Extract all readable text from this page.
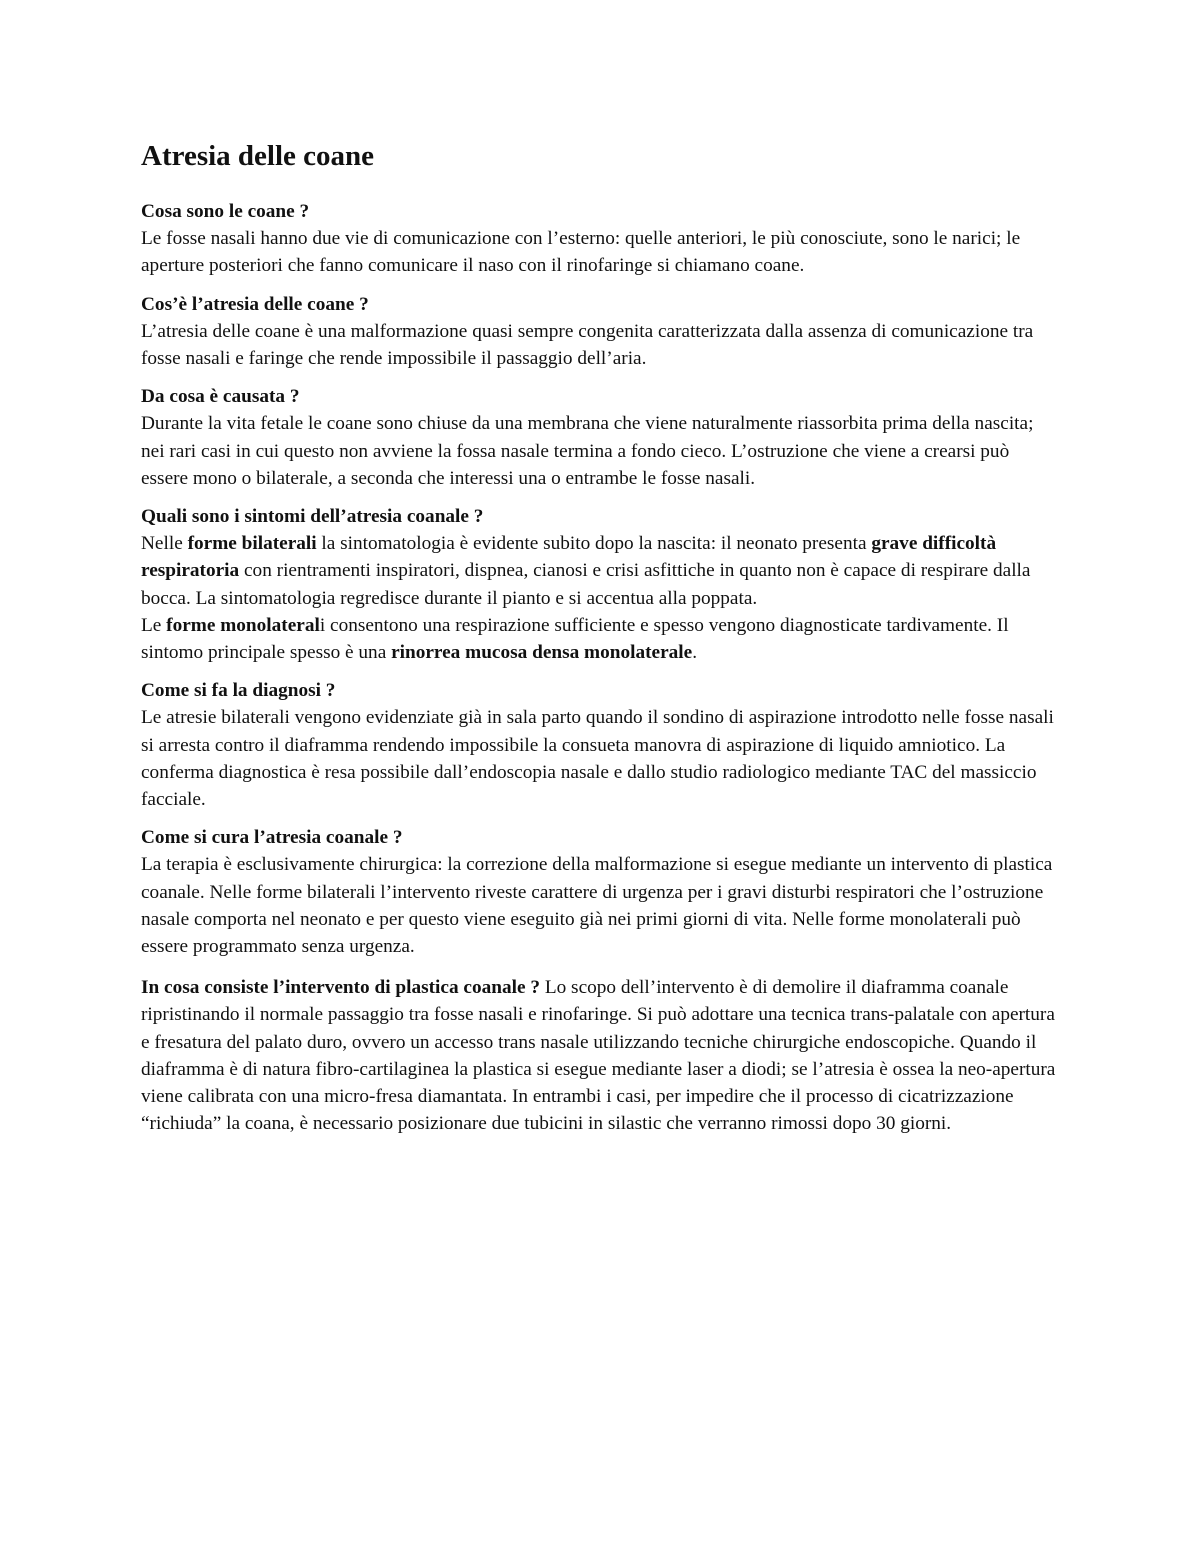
Atresia delle coane
Cosa sono le coane ?

Le fosse nasali hanno due vie di comunicazione con l’esterno: quelle anteriori, le più conosciute, sono le narici; le aperture posteriori che fanno comunicare il naso con il rinofaringe si chiamano coane.

Cos’è l’atresia delle coane ?

L’atresia delle coane è una malformazione quasi sempre congenita caratterizzata dalla assenza di comunicazione tra fosse nasali e faringe che rende impossibile il passaggio dell’aria.

Da cosa è causata ?

Durante la vita fetale le coane sono chiuse da una membrana che viene naturalmente riassorbita prima della nascita; nei rari casi in cui questo non avviene la fossa nasale termina a fondo cieco. L’ostruzione che viene a crearsi può essere mono o bilaterale, a seconda che interessi una o entrambe le fosse nasali.

Quali sono i sintomi dell’atresia coanale ?

Nelle forme bilaterali la sintomatologia è evidente subito dopo la nascita: il neonato presenta grave difficoltà respiratoria con rientramenti inspiratori, dispnea, cianosi e crisi asfittiche in quanto non è capace di respirare dalla bocca. La sintomatologia regredisce durante il pianto e si accentua alla poppata.

Le forme monolaterali consentono una respirazione sufficiente e spesso vengono diagnosticate tardivamente. Il sintomo principale spesso è una rinorrea mucosa densa monolaterale.

Come si fa la diagnosi ?

Le atresie bilaterali vengono evidenziate già in sala parto quando il sondino di aspirazione introdotto nelle fosse nasali si arresta contro il diaframma rendendo impossibile la consueta manovra di aspirazione di liquido amniotico. La conferma diagnostica è resa possibile dall’endoscopia nasale e dallo studio radiologico mediante TAC del massiccio facciale.

Come si cura l’atresia coanale ?

La terapia è esclusivamente chirurgica: la correzione della malformazione si esegue mediante un intervento di plastica coanale. Nelle forme bilaterali l’intervento riveste carattere di urgenza per i gravi disturbi respiratori che l’ostruzione nasale comporta nel neonato e per questo viene eseguito già nei primi giorni di vita. Nelle forme monolaterali può essere programmato senza urgenza.

In cosa consiste l’intervento di plastica coanale ? Lo scopo dell’intervento è di demolire il diaframma coanale ripristinando il normale passaggio tra fosse nasali e rinofaringe. Si può adottare una tecnica trans-palatale con apertura e fresatura del palato duro, ovvero un accesso trans nasale utilizzando tecniche chirurgiche endoscopiche. Quando il diaframma è di natura fibro-cartilaginea la plastica si esegue mediante laser a diodi; se l’atresia è ossea la neo-apertura viene calibrata con una micro-fresa diamantata. In entrambi i casi, per impedire che il processo di cicatrizzazione “richiuda” la coana, è necessario posizionare due tubicini in silastic che verranno rimossi dopo 30 giorni.
